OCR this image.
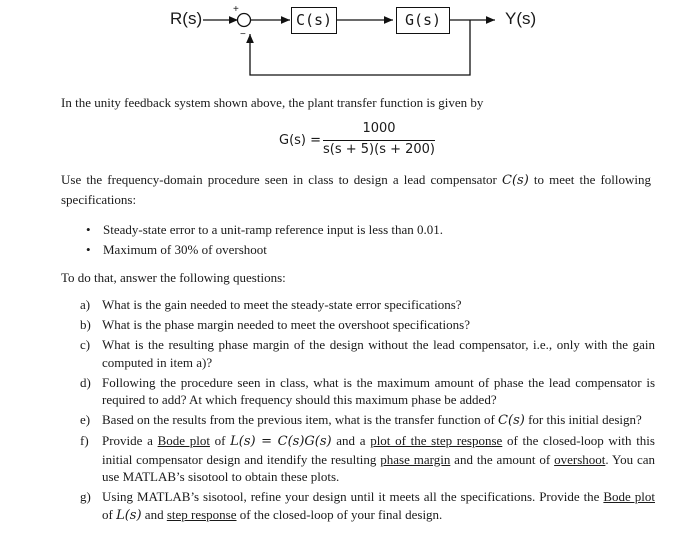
R(s)	+
−
C(s)	G(s)	Y(s)
In the unity feedback system shown above, the plant transfer function is given by
G(s) =
1000
s(s + 5)(s + 200)
Use the frequency-domain procedure seen in class to design a lead compensator C(s) to meet the following specifications:
• Steady-state error to a unit-ramp reference input is less than 0.01.
• Maximum of 30% of overshoot
To do that, answer the following questions:
a) What is the gain needed to meet the steady-state error specifications?
b) What is the phase margin needed to meet the overshoot specifications?
c) What is the resulting phase margin of the design without the lead compensator, i.e., only with the gain computed in item a)?
d) Following the procedure seen in class, what is the maximum amount of phase the lead compensator is required to add? At which frequency should this maximum phase be added?
e) Based on the results from the previous item, what is the transfer function of C(s) for this initial design?
f) Provide a Bode plot of L(s) = C(s)G(s) and a plot of the step response of the closed-loop with this initial compensator design and itendify the resulting phase margin and the amount of overshoot. You can use MATLAB’s sisotool to obtain these plots.
g) Using MATLAB’s sisotool, refine your design until it meets all the specifications. Provide the Bode plot of L(s) and step response of the closed-loop of your final design.
